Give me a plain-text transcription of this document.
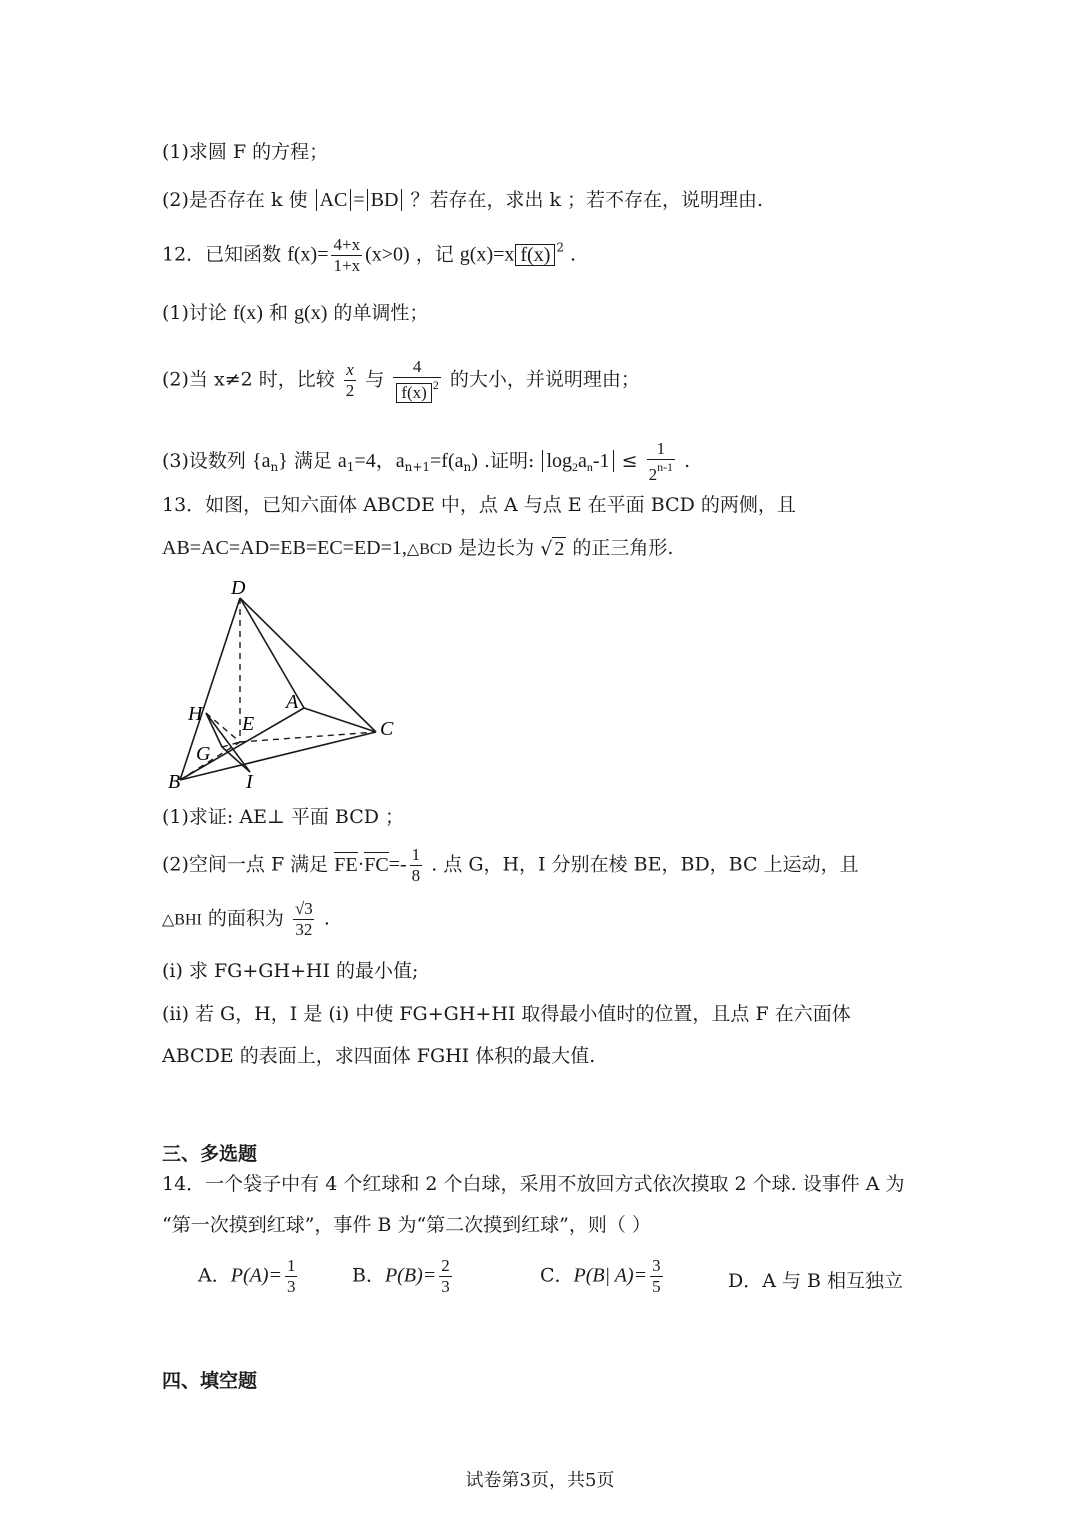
(1)求圆 F 的方程；
(2)是否存在 k 使 AC = BD ？若存在，求出 k ；若不存在，说明理由.
12．已知函数 $f(x)= \frac{4+x}{1+x} (x>0)$ ，记 g(x)=x f(x) $^2$ .
(1)讨论 f(x) 和 g(x) 的单调性；
(2)当 x≠2 时，比较 $\frac{x}{2}$ 与 $\frac{4}{f(x) ^2}$ 的大小，并说明理由；
(3)设数列 $\{a_n\}$ 满足 $a_1=4$，$a_{n+1}=f(a_n)$ .证明: $\log_2a_n-1 \le \frac{1}{2^{n-1}}$ .
13．如图，已知六面体 ABCDE 中，点 A 与点 E 在平面 BCD 的两侧，且
AB=AC=AD=EB=EC=ED=1,△BCD 是边长为 √ 2 的正三角形.
D
H E
A
C
G
B	I
(1)求证: AE⊥ 平面 BCD ；
(2)空间一点 F 满足 $FE\cdot FC=- \frac{1}{8}$ . 点 G，H，I 分别在棱 BE，BD，BC 上运动，且
△BHI 的面积为 $\frac{√3}{32}$ .
(i) 求 FG+GH+HI 的最小值;
(ii) 若 G，H，I 是 (i) 中使 FG+GH+HI 取得最小值时的位置，且点 F 在六面体
ABCDE 的表面上，求四面体 FGHI 体积的最大值.
三、多选题
14．一个袋子中有 4 个红球和 2 个白球，采用不放回方式依次摸取 2 个球. 设事件 A 为
“第一次摸到红球”，事件 B 为“第二次摸到红球”，则（ ）
A．$P(A)= \frac{1}{3}$	B．$P(B)= \frac{2}{3}$	C．P(B| $A)= \frac{3}{5}$	D．A 与 B 相互独立
四、填空题
试卷第3页，共5页
